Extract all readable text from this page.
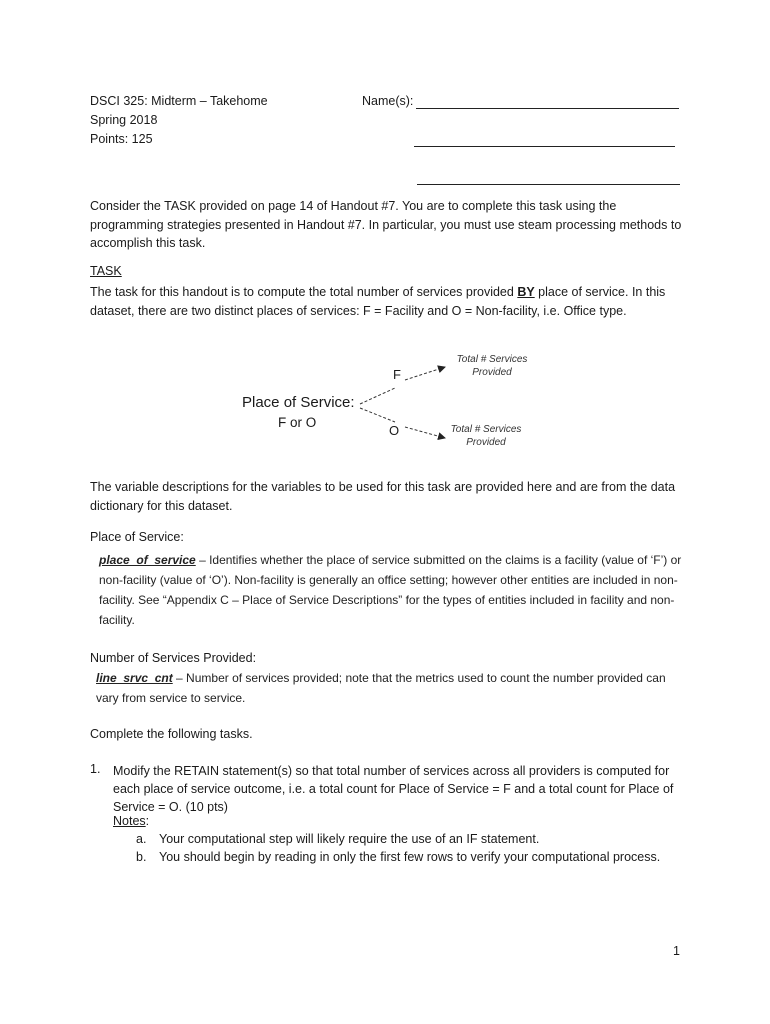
DSCI 325: Midterm – Takehome
Spring 2018
Points: 125
Name(s):
Consider the TASK provided on page 14 of Handout #7. You are to complete this task using the programming strategies presented in Handout #7. In particular, you must use steam processing methods to accomplish this task.
TASK
The task for this handout is to compute the total number of services provided BY place of service. In this dataset, there are two distinct places of services: F = Facility and O = Non-facility, i.e. Office type.
Place of Service:
F or O
F
O
Total # Services Provided
Total # Services Provided
The variable descriptions for the variables to be used for this task are provided here and are from the data dictionary for this dataset.
Place of Service:
place_of_service – Identifies whether the place of service submitted on the claims is a facility (value of ‘F’) or non-facility (value of ‘O’). Non-facility is generally an office setting; however other entities are included in non-facility. See “Appendix C – Place of Service Descriptions” for the types of entities included in facility and non-facility.
Number of Services Provided:
line_srvc_cnt – Number of services provided; note that the metrics used to count the number provided can vary from service to service.
Complete the following tasks.
1. Modify the RETAIN statement(s) so that total number of services across all providers is computed for each place of service outcome, i.e. a total count for Place of Service = F and a total count for Place of Service = O. (10 pts)
Notes:
a. Your computational step will likely require the use of an IF statement.
b. You should begin by reading in only the first few rows to verify your computational process.
1
